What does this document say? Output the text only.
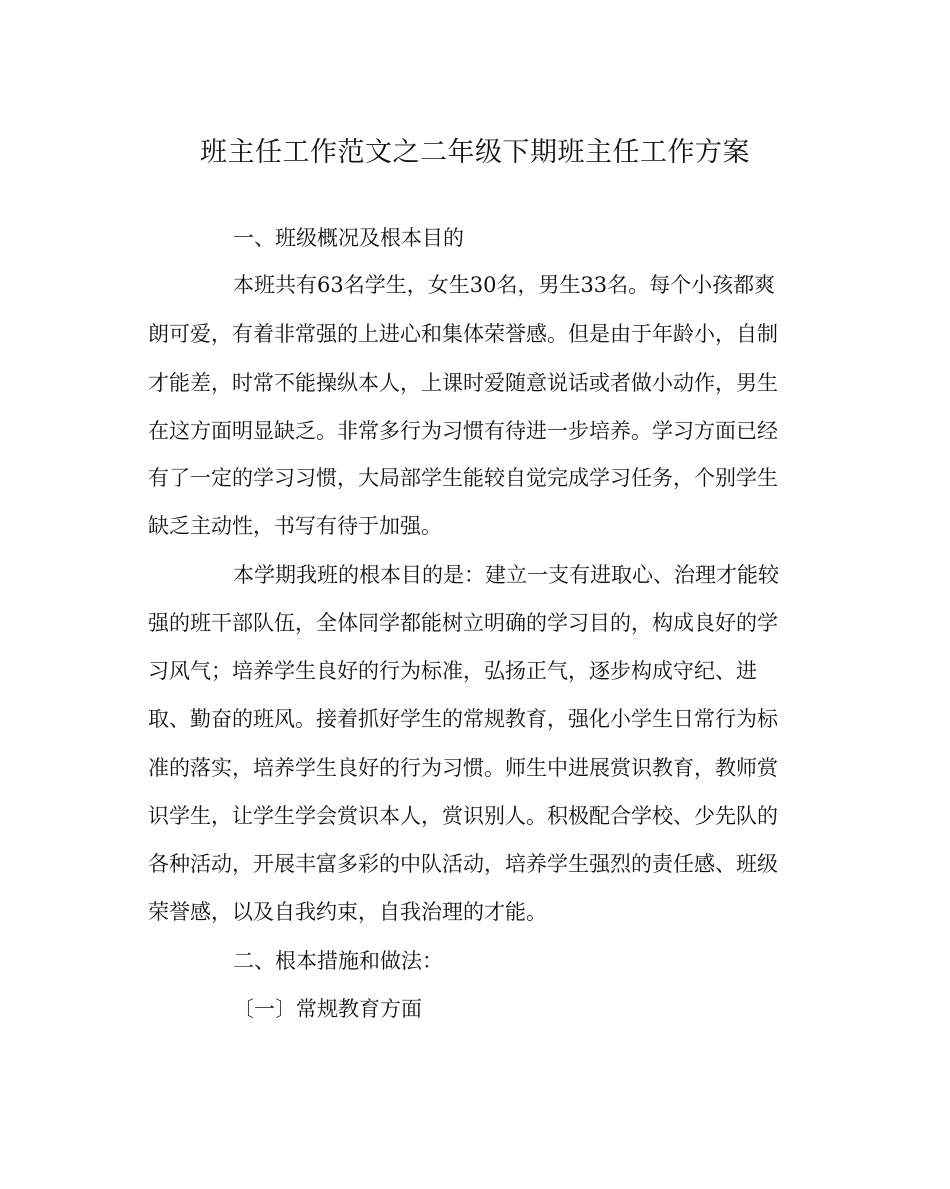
班主任工作范文之二年级下期班主任工作方案
一、班级概况及根本目的
本班共有63名学生，女生30名，男生33名。每个小孩都爽
朗可爱，有着非常强的上进心和集体荣誉感。但是由于年龄小，自制
才能差，时常不能操纵本人，上课时爱随意说话或者做小动作，男生
在这方面明显缺乏。非常多行为习惯有待进一步培养。学习方面已经
有了一定的学习习惯，大局部学生能较自觉完成学习任务，个别学生
缺乏主动性，书写有待于加强。
本学期我班的根本目的是：建立一支有进取心、治理才能较
强的班干部队伍，全体同学都能树立明确的学习目的，构成良好的学
习风气；培养学生良好的行为标准，弘扬正气，逐步构成守纪、进
取、勤奋的班风。接着抓好学生的常规教育，强化小学生日常行为标
准的落实，培养学生良好的行为习惯。师生中进展赏识教育，教师赏
识学生，让学生学会赏识本人，赏识别人。积极配合学校、少先队的
各种活动，开展丰富多彩的中队活动，培养学生强烈的责任感、班级
荣誉感，以及自我约束，自我治理的才能。
二、根本措施和做法：
〔一〕常规教育方面
